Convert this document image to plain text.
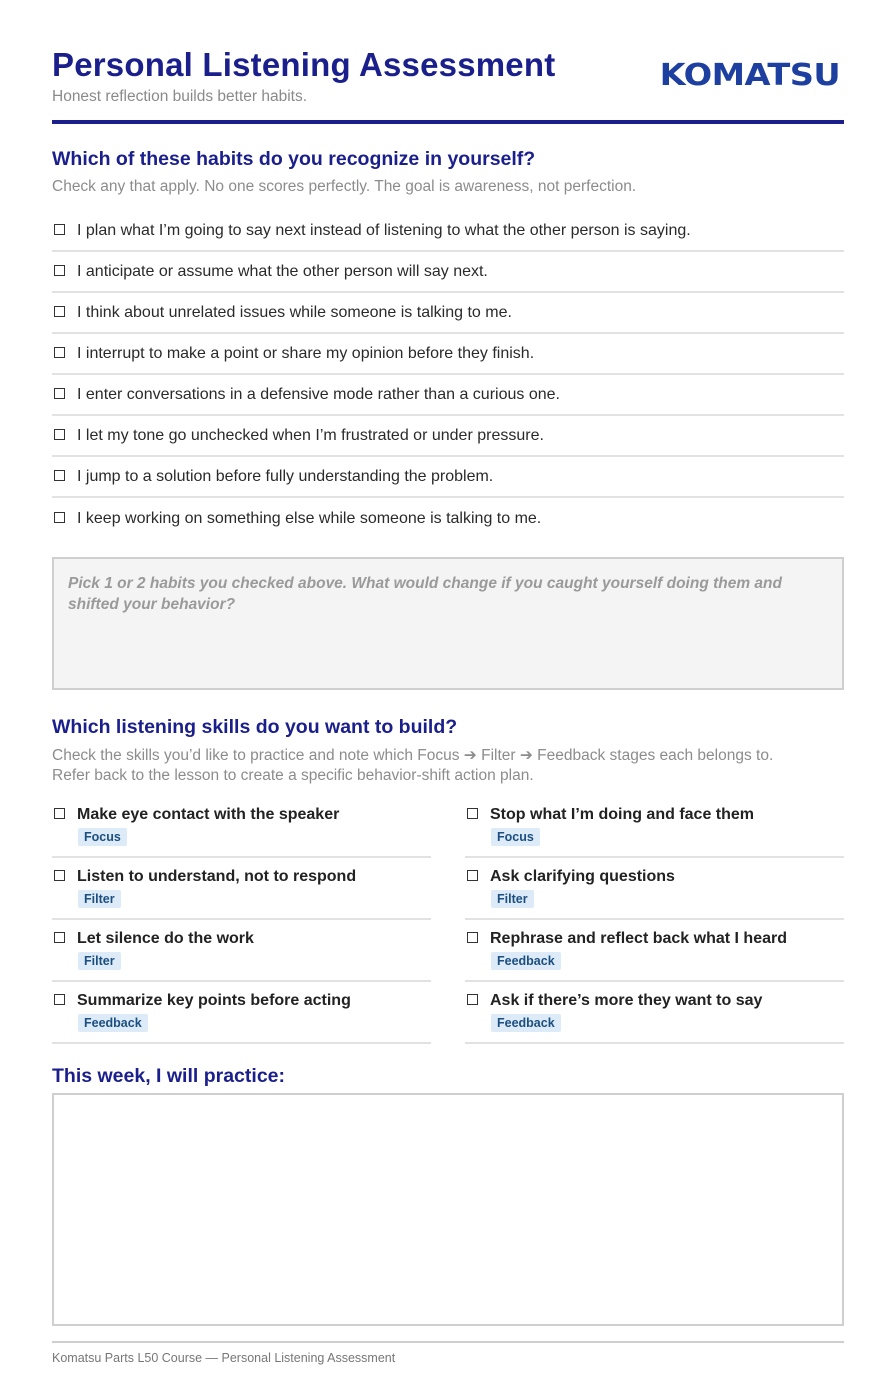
Personal Listening Assessment
Honest reflection builds better habits.
KOMATSU
Which of these habits do you recognize in yourself?
Check any that apply. No one scores perfectly. The goal is awareness, not perfection.
I plan what I’m going to say next instead of listening to what the other person is saying.
I anticipate or assume what the other person will say next.
I think about unrelated issues while someone is talking to me.
I interrupt to make a point or share my opinion before they finish.
I enter conversations in a defensive mode rather than a curious one.
I let my tone go unchecked when I’m frustrated or under pressure.
I jump to a solution before fully understanding the problem.
I keep working on something else while someone is talking to me.
Pick 1 or 2 habits you checked above. What would change if you caught yourself doing them and shifted your behavior?
Which listening skills do you want to build?
Check the skills you’d like to practice and note which Focus ➔ Filter ➔ Feedback stages each belongs to.
Refer back to the lesson to create a specific behavior-shift action plan.
Make eye contact with the speaker
Focus
Stop what I’m doing and face them
Focus
Listen to understand, not to respond
Filter
Ask clarifying questions
Filter
Let silence do the work
Filter
Rephrase and reflect back what I heard
Feedback
Summarize key points before acting
Feedback
Ask if there’s more they want to say
Feedback
This week, I will practice:
Komatsu Parts L50 Course — Personal Listening Assessment
